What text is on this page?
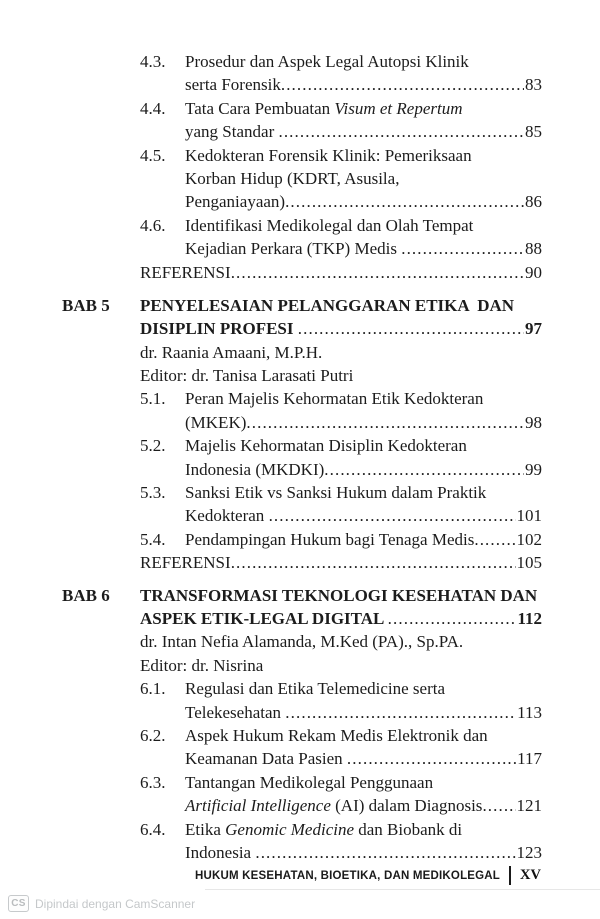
4.3.	Prosedur dan Aspek Legal Autopsi Klinik
serta Forensik .....	83
4.4.	Tata Cara Pembuatan Visum et Repertum
yang Standar .....	85
4.5.	Kedokteran Forensik Klinik: Pemeriksaan
Korban Hidup (KDRT, Asusila,
Penganiayaan) .....	86
4.6.	Identifikasi Medikolegal dan Olah Tempat
Kejadian Perkara (TKP) Medis .....	88
REFERENSI .....	90
BAB 5	PENYELESAIAN PELANGGARAN ETIKA  DAN
DISIPLIN PROFESI .....	97
dr. Raania Amaani, M.P.H.
Editor: dr. Tanisa Larasati Putri
5.1.	Peran Majelis Kehormatan Etik Kedokteran
(MKEK) .....	98
5.2.	Majelis Kehormatan Disiplin Kedokteran
Indonesia (MKDKI) .....	99
5.3.	Sanksi Etik vs Sanksi Hukum dalam Praktik
Kedokteran .....	101
5.4.	Pendampingan Hukum bagi Tenaga Medis ..... 102
REFERENSI .....	105
BAB 6	TRANSFORMASI TEKNOLOGI KESEHATAN DAN
ASPEK ETIK-LEGAL DIGITAL .....	112
dr. Intan Nefia Alamanda, M.Ked (PA)., Sp.PA.
Editor: dr. Nisrina
6.1.	Regulasi dan Etika Telemedicine serta
Telekesehatan .....	113
6.2.	Aspek Hukum Rekam Medis Elektronik dan
Keamanan Data Pasien .....	117
6.3.	Tantangan Medikolegal Penggunaan
Artificial Intelligence (AI) dalam Diagnosis ..... 121
6.4.	Etika Genomic Medicine dan Biobank di
Indonesia .....	123
HUKUM KESEHATAN, BIOETIKA, DAN MEDIKOLEGAL XV
CS Dipindai dengan CamScanner
